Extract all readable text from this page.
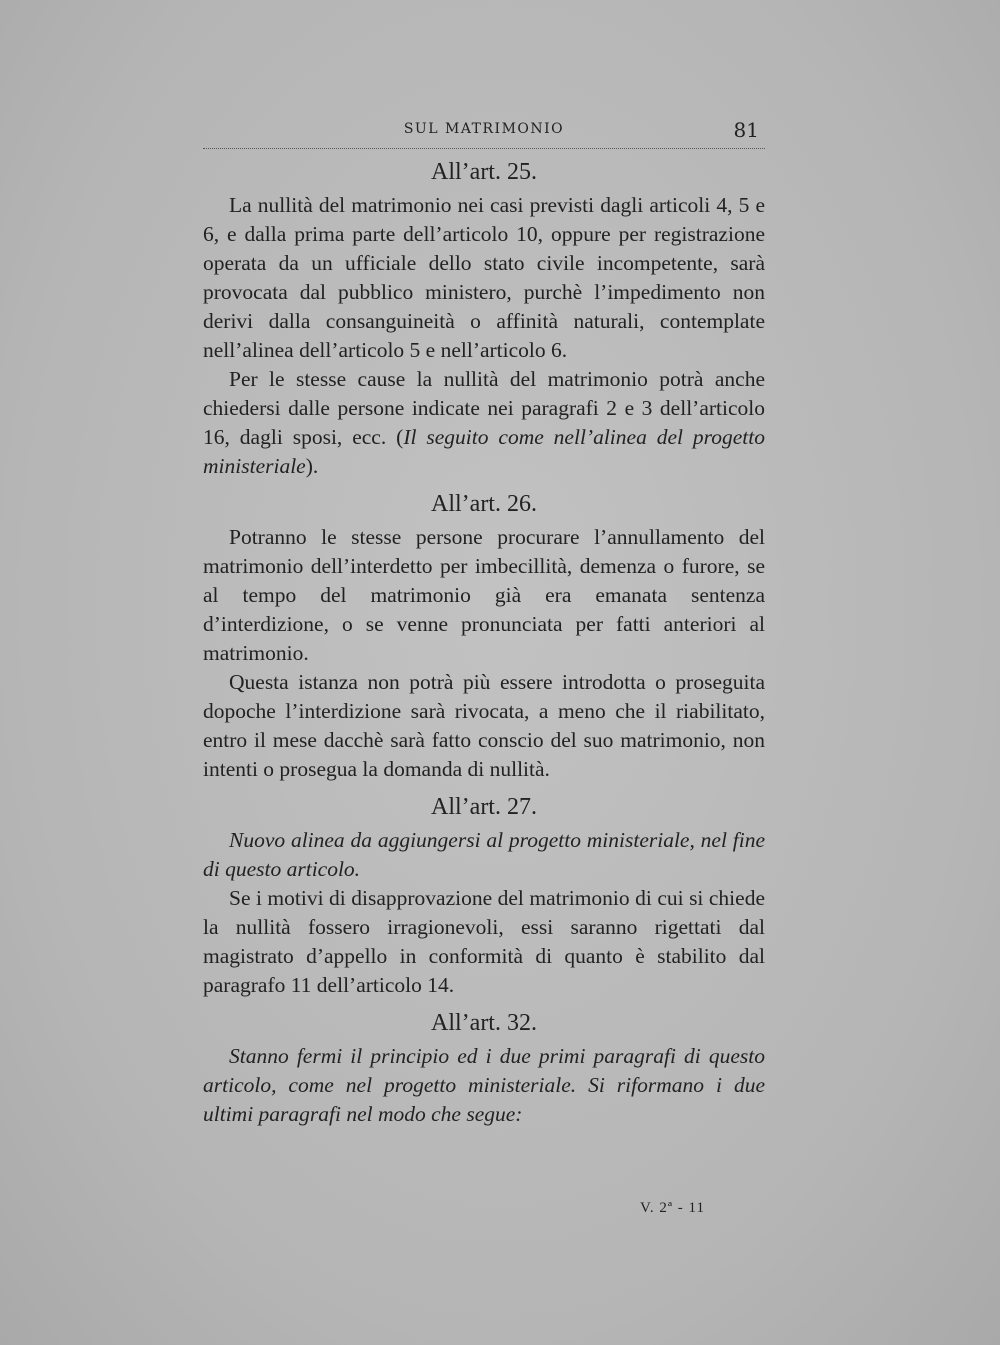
SUL MATRIMONIO	81
All’art. 25.

La nullità del matrimonio nei casi previsti dagli articoli 4, 5 e 6, e dalla prima parte dell’articolo 10, oppure per registrazione operata da un ufficiale dello stato civile incompetente, sarà provocata dal pubblico ministero, purchè l’impedimento non derivi dalla consanguineità o affinità naturali, contemplate nell’alinea dell’articolo 5 e nell’articolo 6.

Per le stesse cause la nullità del matrimonio potrà anche chiedersi dalle persone indicate nei paragrafi 2 e 3 dell’articolo 16, dagli sposi, ecc. (Il seguito come nell’alinea del progetto ministeriale).

All’art. 26.

Potranno le stesse persone procurare l’annullamento del matrimonio dell’interdetto per imbecillità, demenza o furore, se al tempo del matrimonio già era emanata sentenza d’interdizione, o se venne pronunciata per fatti anteriori al matrimonio.

Questa istanza non potrà più essere introdotta o proseguita dopoche l’interdizione sarà rivocata, a meno che il riabilitato, entro il mese dacchè sarà fatto conscio del suo matrimonio, non intenti o prosegua la domanda di nullità.

All’art. 27.

Nuovo alinea da aggiungersi al progetto ministeriale, nel fine di questo articolo.

Se i motivi di disapprovazione del matrimonio di cui si chiede la nullità fossero irragionevoli, essi saranno rigettati dal magistrato d’appello in conformità di quanto è stabilito dal paragrafo 11 dell’articolo 14.

All’art. 32.

Stanno fermi il principio ed i due primi paragrafi di questo articolo, come nel progetto ministeriale. Si riformano i due ultimi paragrafi nel modo che segue:

V. 2ª - 11
